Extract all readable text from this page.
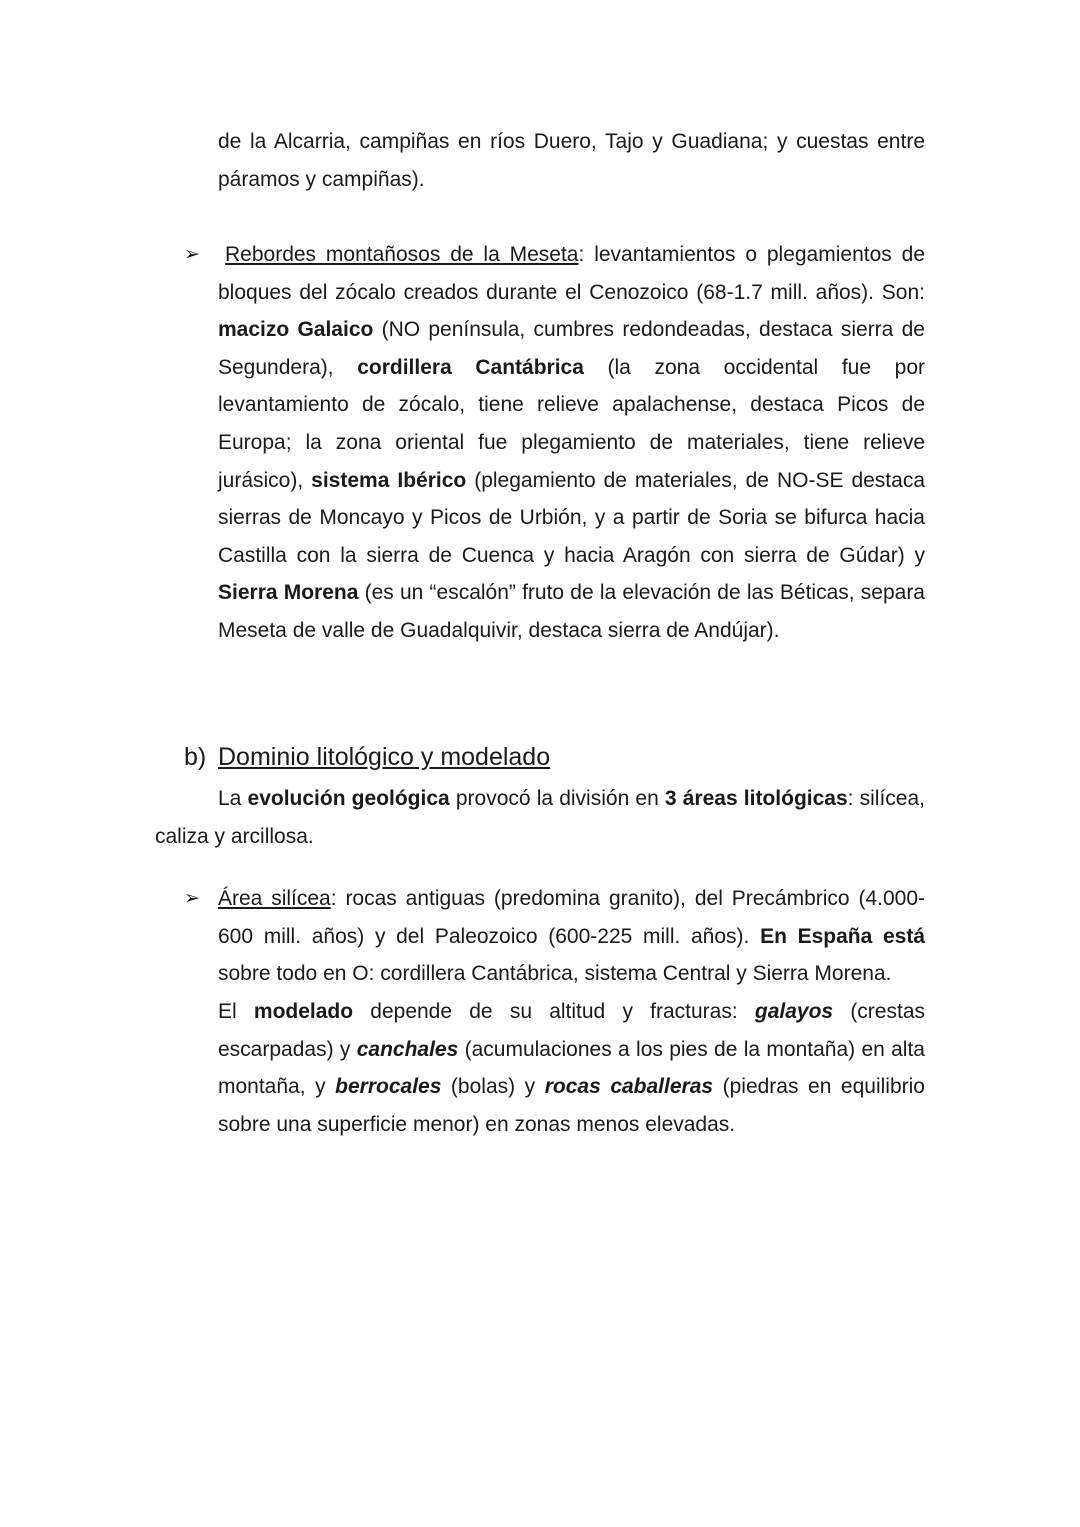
de la Alcarria, campiñas en ríos Duero, Tajo y Guadiana; y cuestas entre páramos y campiñas).

➢	Rebordes montañosos de la Meseta: levantamientos o plegamientos de bloques del zócalo creados durante el Cenozoico (68-1.7 mill. años). Son: macizo Galaico (NO península, cumbres redondeadas, destaca sierra de Segundera), cordillera Cantábrica (la zona occidental fue por levantamiento de zócalo, tiene relieve apalachense, destaca Picos de Europa; la zona oriental fue plegamiento de materiales, tiene relieve jurásico), sistema Ibérico (plegamiento de materiales, de NO-SE destaca sierras de Moncayo y Picos de Urbión, y a partir de Soria se bifurca hacia Castilla con la sierra de Cuenca y hacia Aragón con sierra de Gúdar) y Sierra Morena (es un “escalón” fruto de la elevación de las Béticas, separa Meseta de valle de Guadalquivir, destaca sierra de Andújar).

b) Dominio litológico y modelado

La evolución geológica provocó la división en 3 áreas litológicas: silícea, caliza y arcillosa.

➢ Área silícea: rocas antiguas (predomina granito), del Precámbrico (4.000-600 mill. años) y del Paleozoico (600-225 mill. años). En España está sobre todo en O: cordillera Cantábrica, sistema Central y Sierra Morena.

El modelado depende de su altitud y fracturas: galayos (crestas escarpadas) y canchales (acumulaciones a los pies de la montaña) en alta montaña, y berrocales (bolas) y rocas caballeras (piedras en equilibrio sobre una superficie menor) en zonas menos elevadas.
